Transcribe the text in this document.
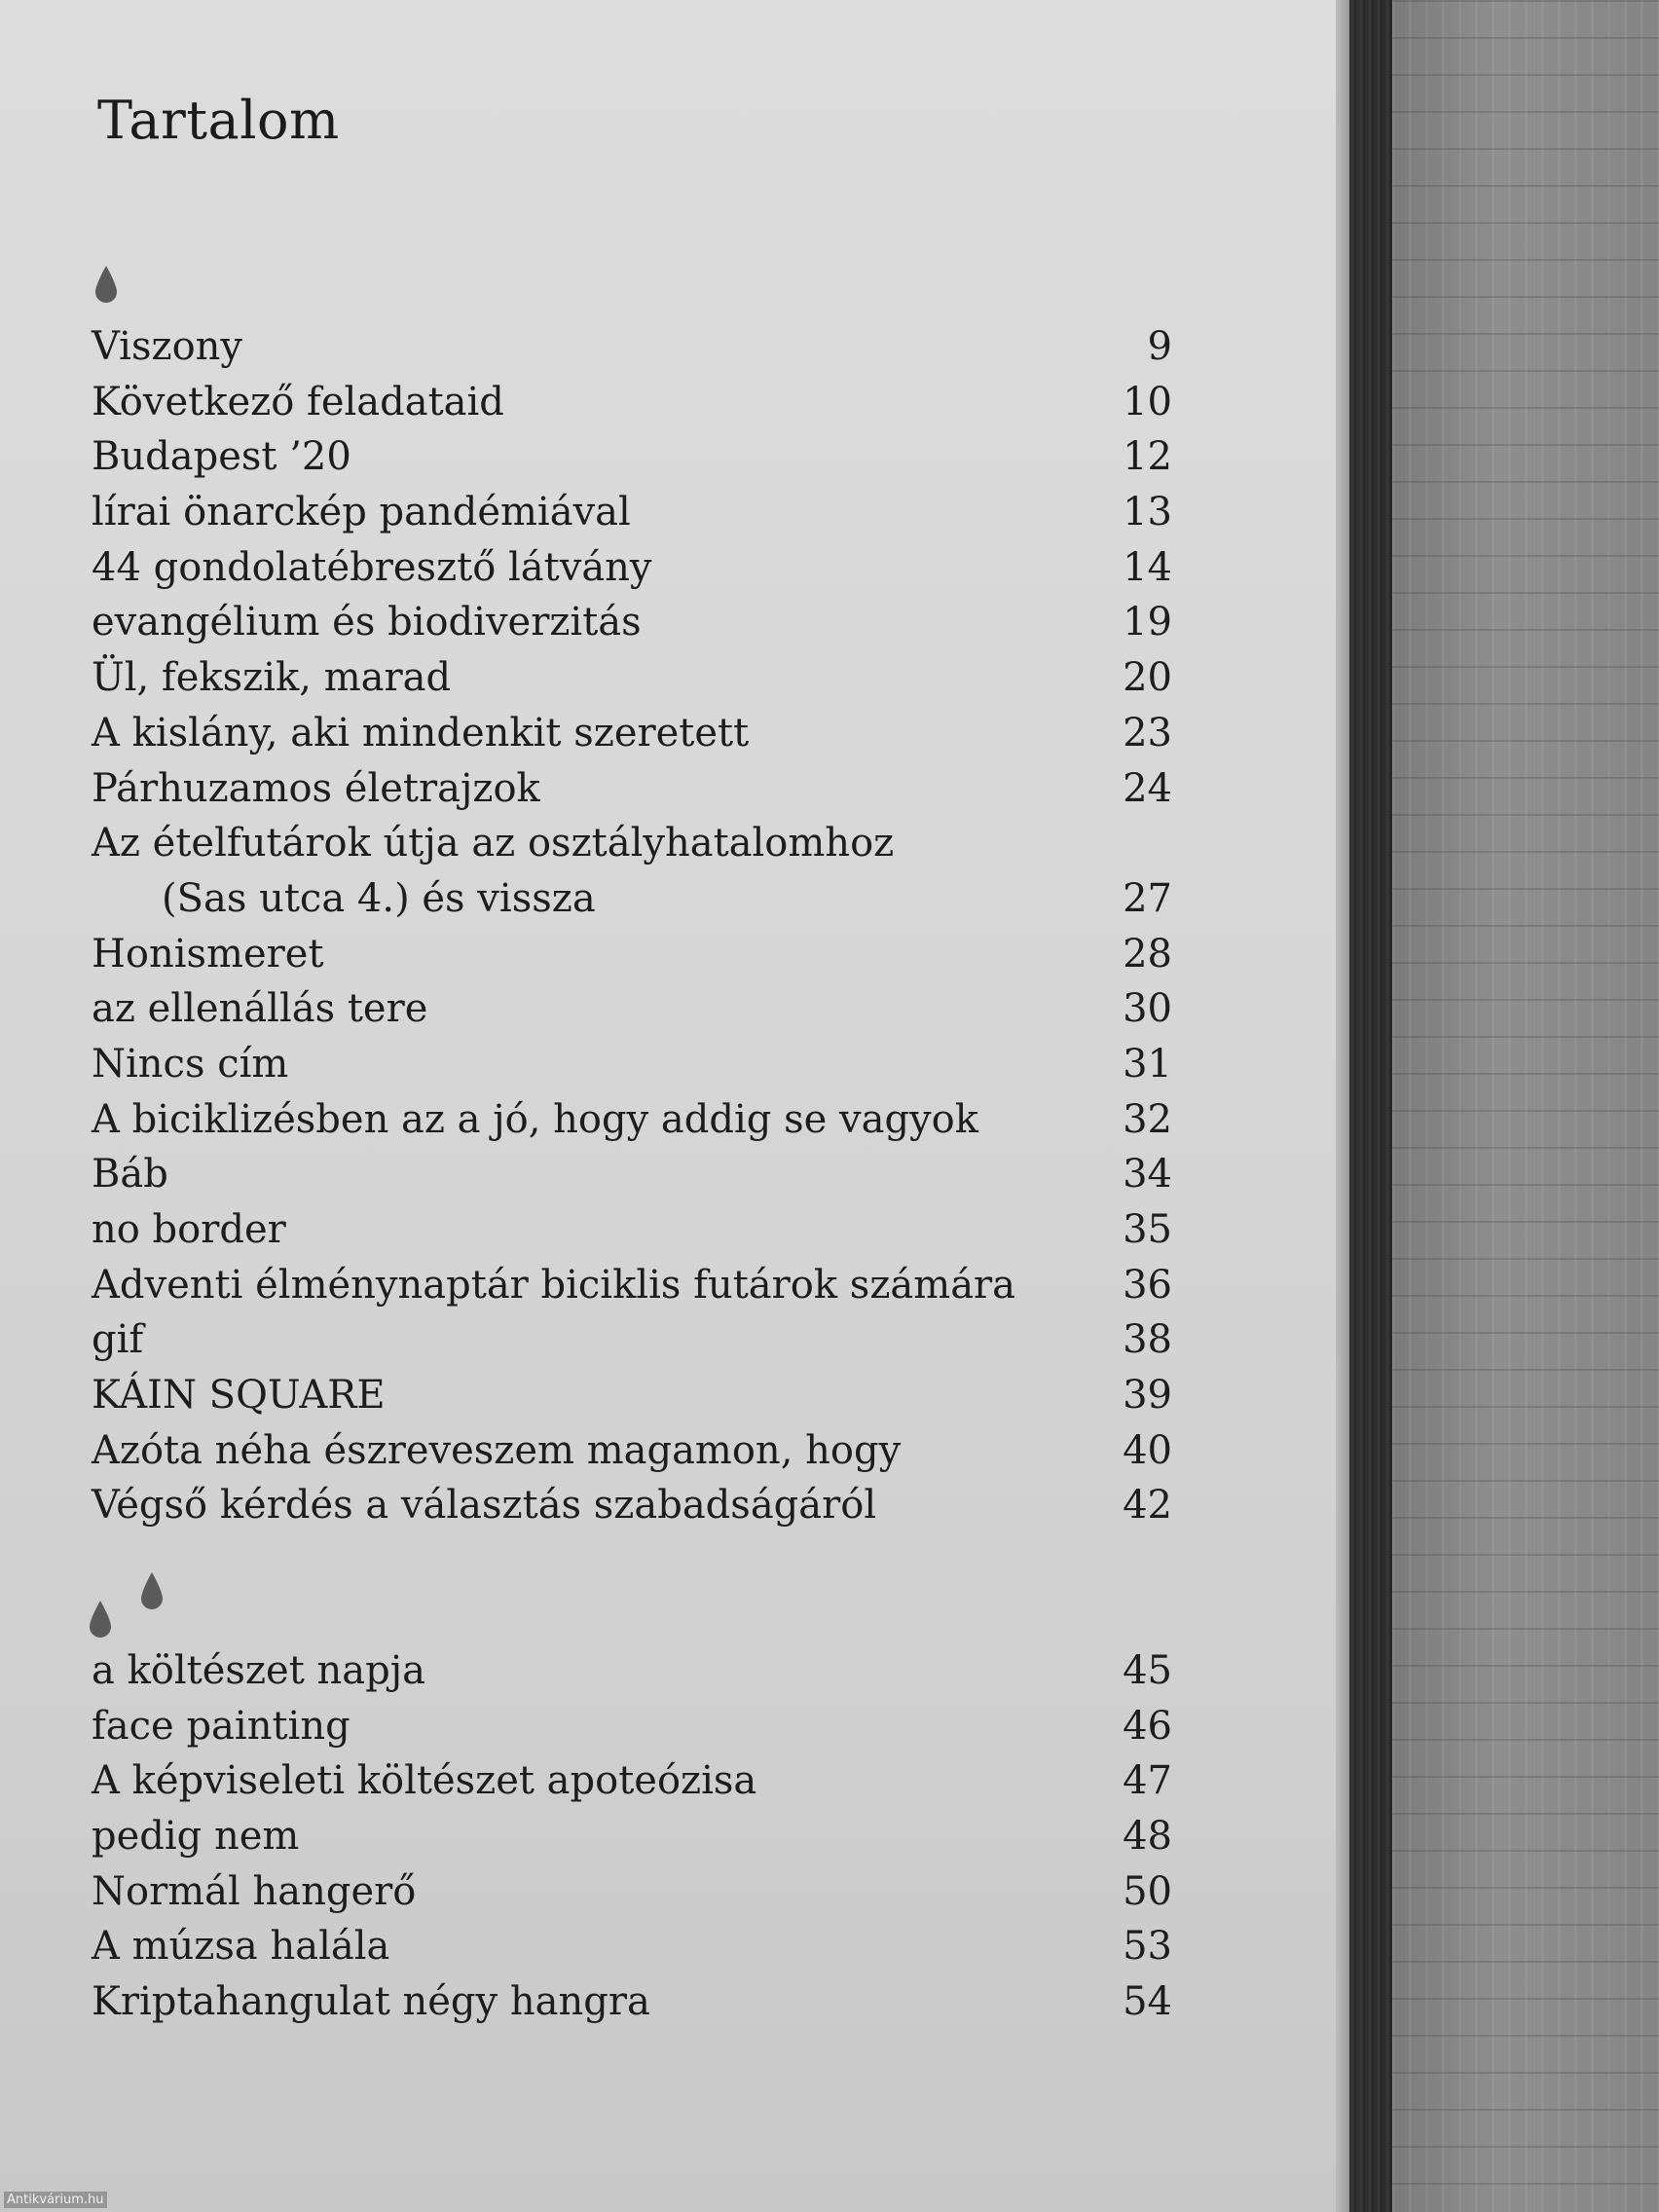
Tartalom
Viszony	9
Következő feladataid	10
Budapest ’20	12
lírai önarckép pandémiával	13
44 gondolatébresztő látvány	14
evangélium és biodiverzitás	19
Ül, fekszik, marad	20
A kislány, aki mindenkit szeretett	23
Párhuzamos életrajzok	24
Az ételfutárok útja az osztályhatalomhoz
(Sas utca 4.) és vissza	27
Honismeret	28
az ellenállás tere	30
Nincs cím	31
A biciklizésben az a jó, hogy addig se vagyok	32
Báb	34
no border	35
Adventi élménynaptár biciklis futárok számára	36
gif	38
KÁIN SQUARE	39
Azóta néha észreveszem magamon, hogy	40
Végső kérdés a választás szabadságáról	42
a költészet napja	45
face painting	46
A képviseleti költészet apoteózisa	47
pedig nem	48
Normál hangerő	50
A múzsa halála	53
Kriptahangulat négy hangra	54
Antikvárium.hu
